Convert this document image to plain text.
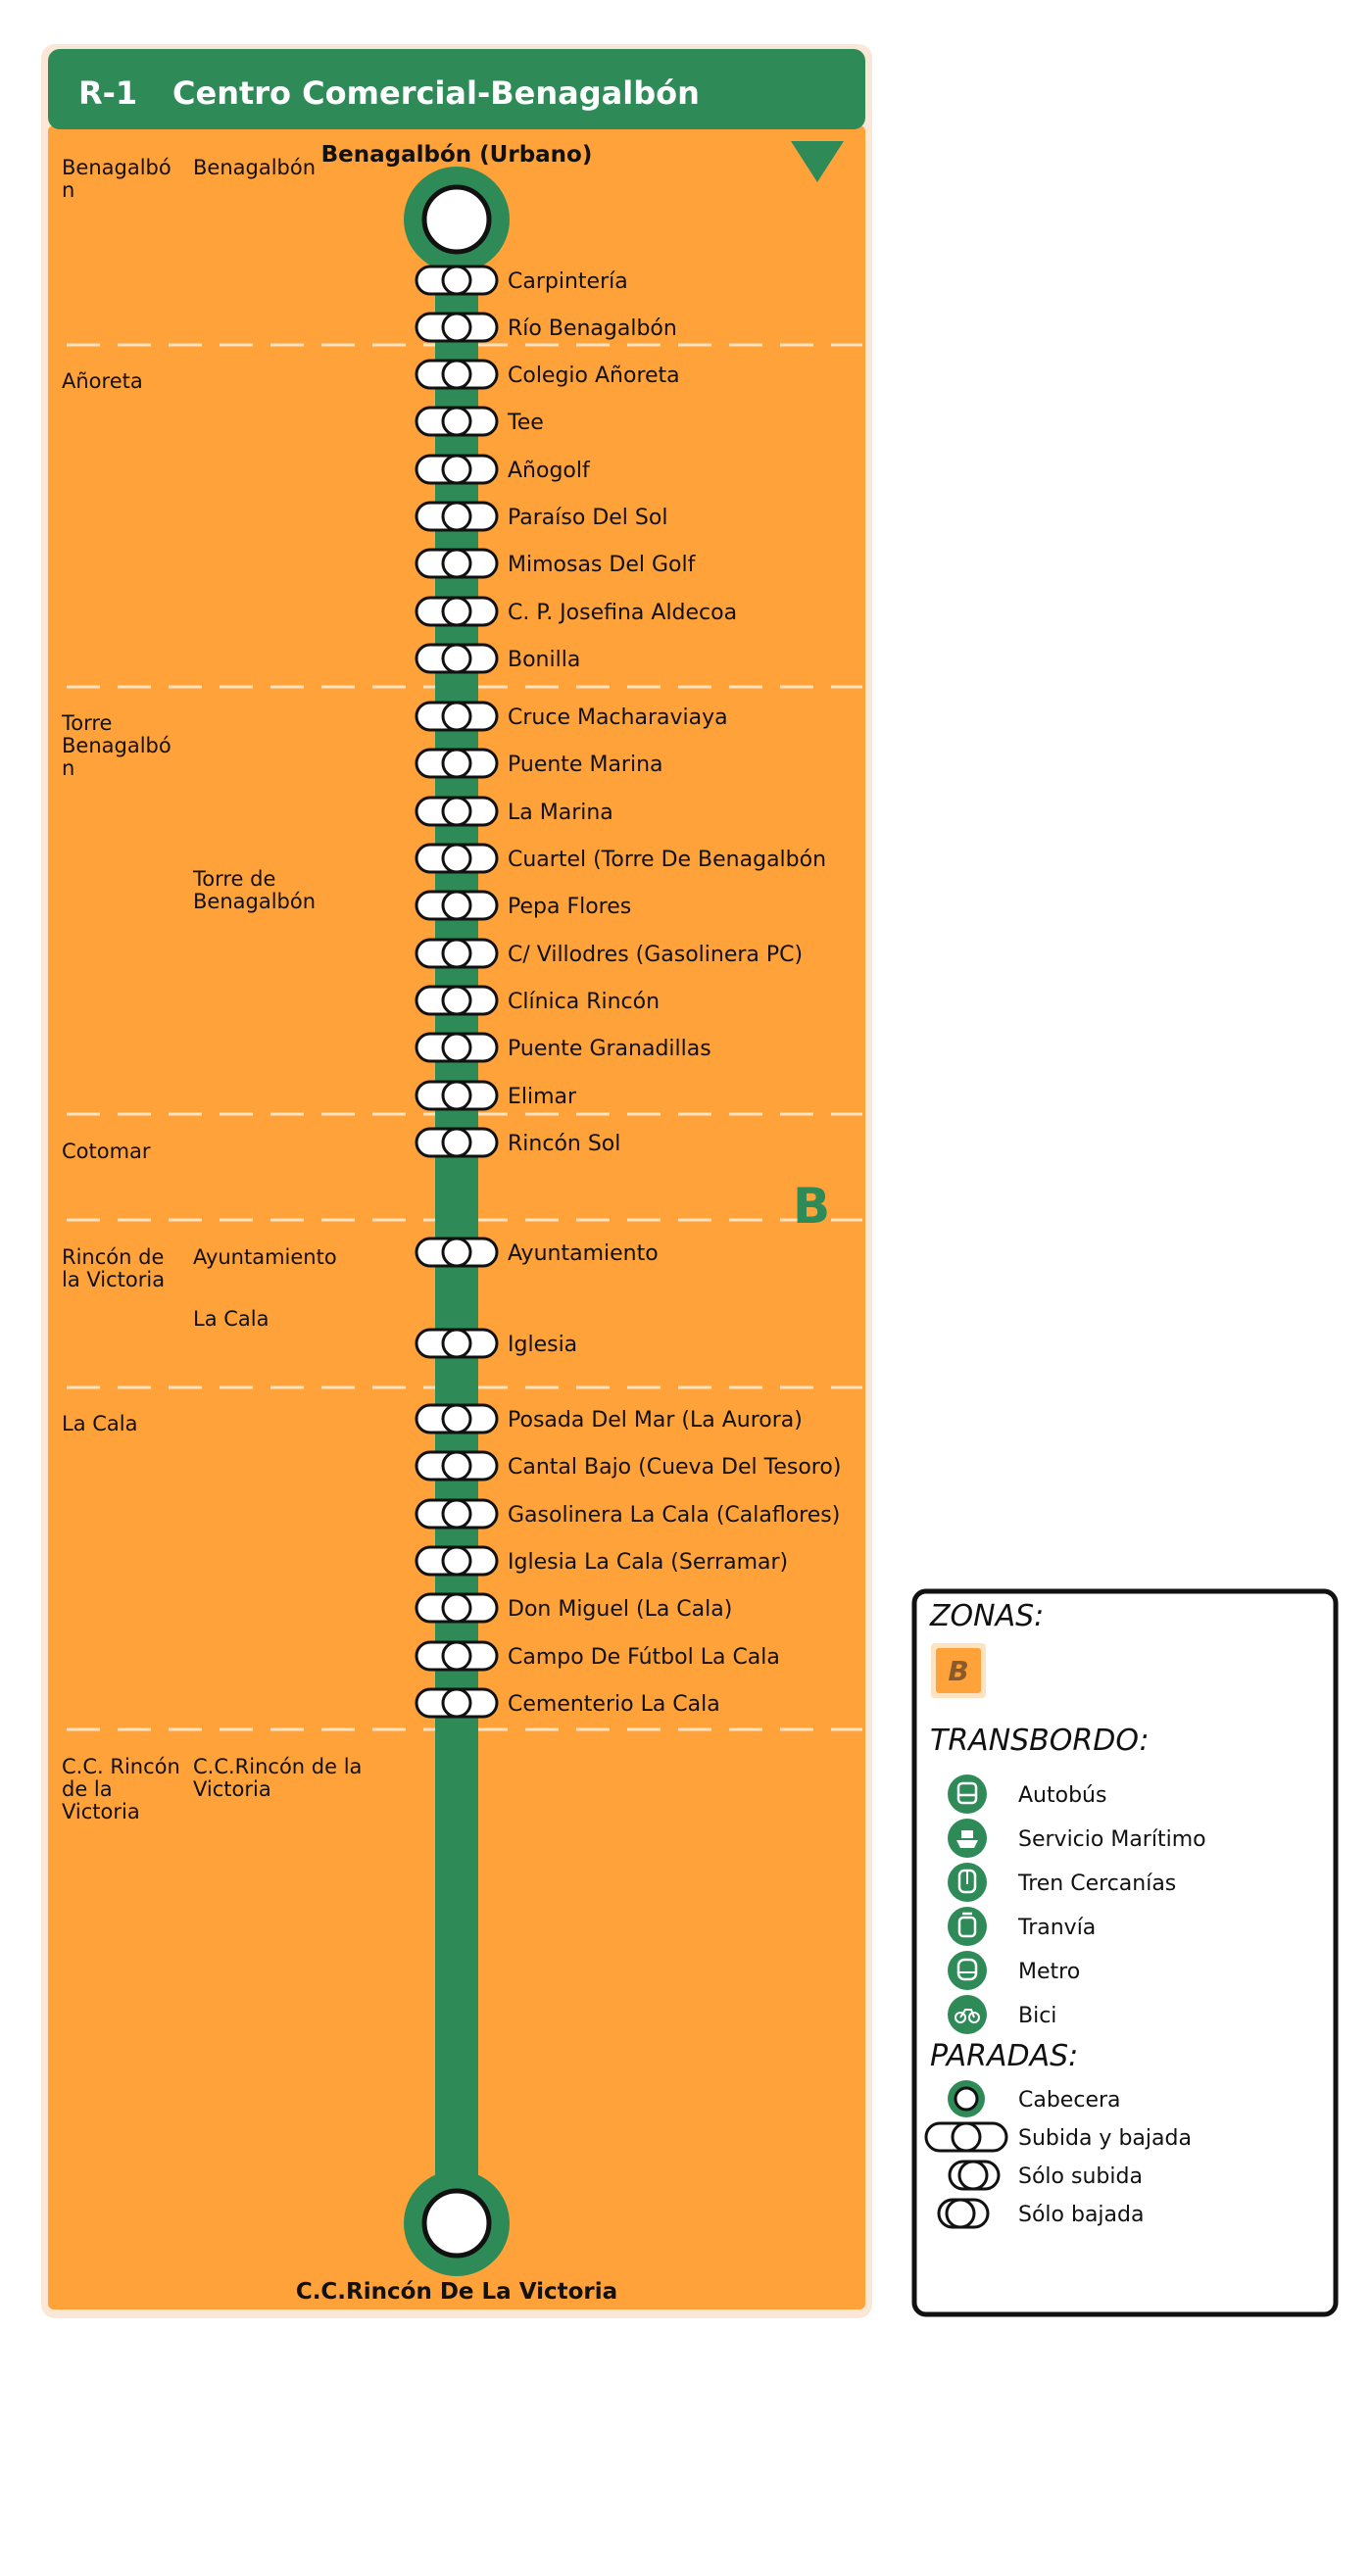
R-1 Centro Comercial-Benagalbón
B
Benagalbón (Urbano)
C.C.Rincón De La Victoria
Carpintería
Río Benagalbón
Colegio Añoreta
Tee
Añogolf
Paraíso Del Sol
Mimosas Del Golf
C. P. Josefina Aldecoa
Bonilla
Cruce Macharaviaya
Puente Marina
La Marina
Cuartel (Torre De Benagalbón
Pepa Flores
C/ Villodres (Gasolinera PC)
Clínica Rincón
Puente Granadillas
Elimar
Rincón Sol
Ayuntamiento
Iglesia
Posada Del Mar (La Aurora)
Cantal Bajo (Cueva Del Tesoro)
Gasolinera La Cala (Calaflores)
Iglesia La Cala (Serramar)
Don Miguel (La Cala)
Campo De Fútbol La Cala
Cementerio La Cala
Benagalbó
n
Añoreta
Torre
Benagalbó
n
Cotomar
Rincón de
la Victoria
La Cala
C.C. Rincón
de la
Victoria
Benagalbón
Torre de
Benagalbón
Ayuntamiento
La Cala
C.C.Rincón de la
Victoria
ZONAS:
B
TRANSBORDO:
Autobús
Servicio Marítimo
Tren Cercanías
Tranvía
Metro
Bici
PARADAS:
Cabecera
Subida y bajada
Sólo subida
Sólo bajada
